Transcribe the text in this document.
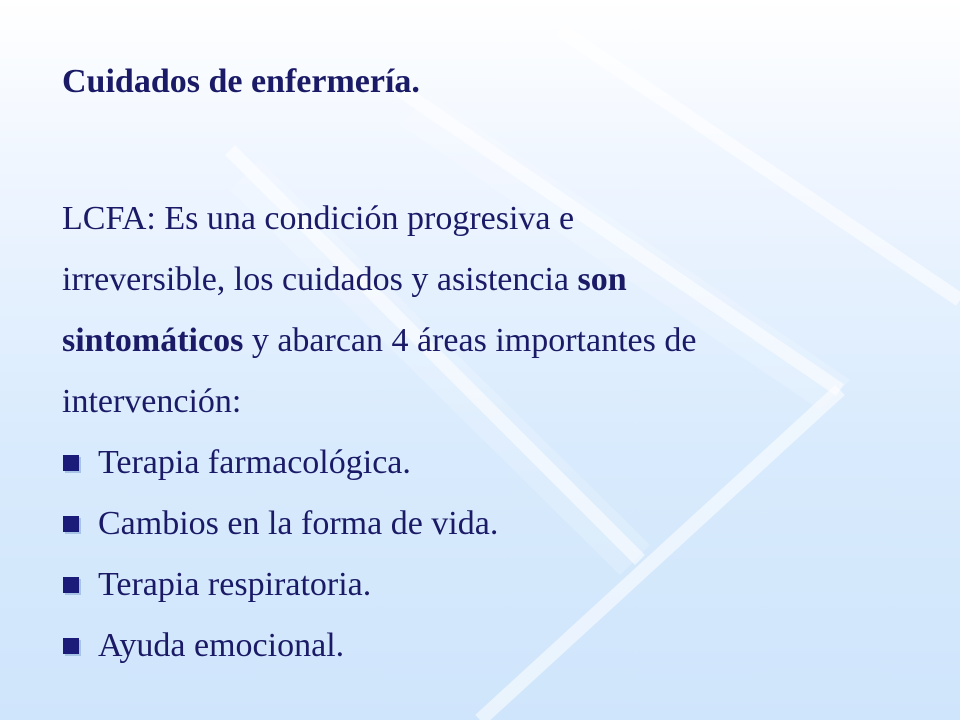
Cuidados de enfermería.
LCFA: Es una condición progresiva e
irreversible, los cuidados y asistencia son
sintomáticos y abarcan 4 áreas importantes de
intervención:
Terapia farmacológica.
Cambios en la forma de vida.
Terapia respiratoria.
Ayuda emocional.
